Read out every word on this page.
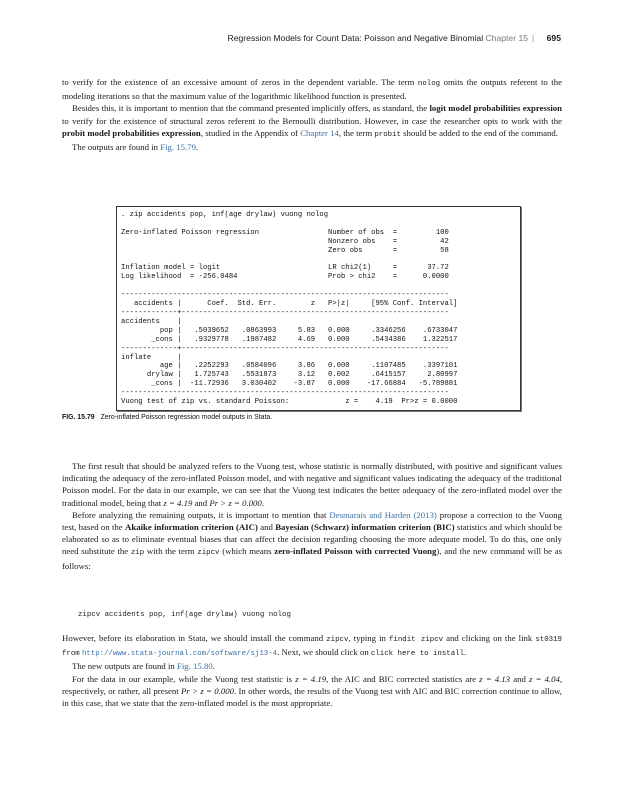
Regression Models for Count Data: Poisson and Negative Binomial Chapter 15 | 695

to verify for the existence of an excessive amount of zeros in the dependent variable. The term nolog omits the outputs referent to the modeling iterations so that the maximum value of the logarithmic likelihood function is presented.

Besides this, it is important to mention that the command presented implicitly offers, as standard, the logit model probabilities expression to verify for the existence of structural zeros referent to the Bernoulli distribution. However, in case the researcher opts to work with the probit model probabilities expression, studied in the Appendix of Chapter 14, the term probit should be added to the end of the command.

The outputs are found in Fig. 15.79.

. zip accidents pop, inf(age drylaw) vuong nolog

Zero-inflated Poisson regression                Number of obs  =         100
Nonzero obs    =          42
Zero obs       =          58

Inflation model = logit                         LR chi2(1)     =       37.72
Log likelihood  = -256.0484                     Prob > chi2    =      0.0000

----------------------------------------------------------------------------
accidents |      Coef.  Std. Err.        z   P>|z|     [95% Conf. Interval]
-------------+--------------------------------------------------------------
accidents    |
pop |   .5039652   .0863993     5.83   0.000     .3346256    .6733047
_cons |   .9329778   .1987482     4.69   0.000     .5434386    1.322517
-------------+--------------------------------------------------------------
inflate      |
age |   .2252293   .0584096     3.86   0.000     .1107485    .3397101
drylaw |   1.725743   .5531873     3.12   0.002     .6415157     2.80997
_cons |  -11.72936   3.030402    -3.87   0.000    -17.66884   -5.789881
----------------------------------------------------------------------------
Vuong test of zip vs. standard Poisson:             z =    4.19  Pr>z = 0.0000
FIG. 15.79 Zero-inflated Poisson regression model outputs in Stata.

The first result that should be analyzed refers to the Vuong test, whose statistic is normally distributed, with positive and significant values indicating the adequacy of the zero-inflated Poisson model, and with negative and significant values indicating the adequacy of the traditional Poisson model. For the data in our example, we can see that the Vuong test indicates the better adequacy of the zero-inflated model over the traditional model, being that z = 4.19 and Pr > z = 0.000.

Before analyzing the remaining outputs, it is important to mention that Desmarais and Harden (2013) propose a correction to the Vuong test, based on the Akaike information criterion (AIC) and Bayesian (Schwarz) information criterion (BIC) statistics and which should be elaborated so as to eliminate eventual biases that can affect the decision regarding choosing the more adequate model. To do this, one only need substitute the zip with the term zipcv (which means zero-inflated Poisson with corrected Vuong), and the new command will be as follows:

zipcv accidents pop, inf(age drylaw) vuong nolog

However, before its elaboration in Stata, we should install the command zipcv, typing in findit zipcv and clicking on the link st0319 from http://www.stata-journal.com/software/sj13-4. Next, we should click on click here to install.

The new outputs are found in Fig. 15.80.

For the data in our example, while the Vuong test statistic is z = 4.19, the AIC and BIC corrected statistics are z = 4.13 and z = 4.04, respectively, or rather, all present Pr > z = 0.000. In other words, the results of the Vuong test with AIC and BIC correction continue to allow, in this case, that we state that the zero-inflated model is the most appropriate.
